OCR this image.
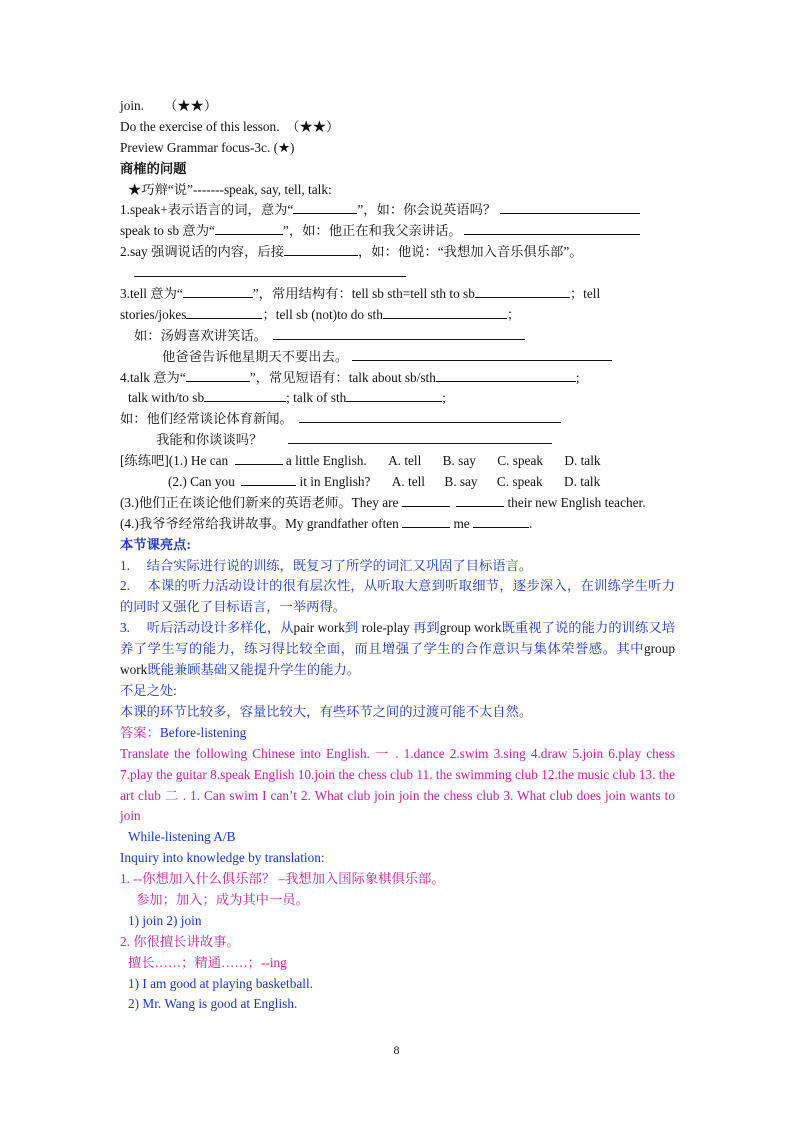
join.　　（★★）
Do the exercise of this lesson.　（★★）
Preview Grammar focus-3c. (★)
商榷的问题
★巧辩“说”-------speak, say, tell, talk:
1.speak+表示语言的词，意为“	”，如：你会说英语吗？
speak to sb 意为“	”，如：他正在和我父亲讲话。
2.say 强调说话的内容，后接	，如：他说：“我想加入音乐俱乐部”。
3.tell 意为“	”，常用结构有：tell sb sth=tell sth to sb	；tell
stories/jokes	；tell sb (not)to do sth	；
如：汤姆喜欢讲笑话。
他爸爸告诉他星期天不要出去。
4.talk 意为“	”，常见短语有：talk about sb/sth	;
talk with/to sb	; talk of sth	;
如：他们经常谈论体育新闻。
我能和你谈谈吗？
[练练吧](1.) He can	a little English. A. tell B. say C. speak D. talk
(2.) Can you	it in English? A. tell B. say C. speak D. talk
(3.)他们正在谈论他们新来的英语老师。They are	their new English teacher.
(4.)我爷爷经常给我讲故事。My grandfather often	me	.
本节课亮点:
1.　 结合实际进行说的训练，既复习了所学的词汇又巩固了目标语言。
2.　 本课的听力活动设计的很有层次性，从听取大意到听取细节，逐步深入，在训练学生听力的同时又强化了目标语言，一举两得。
3.　 听后活动设计多样化，从pair work到 role-play 再到group work既重视了说的能力的训练又培养了学生写的能力，练习得比较全面，而且增强了学生的合作意识与集体荣誉感。其中group work既能兼顾基础又能提升学生的能力。
不足之处:
本课的环节比较多，容量比较大，有些环节之间的过渡可能不太自然。
答案：Before-listening
Translate the following Chinese into English. 一 . 1.dance 2.swim 3.sing 4.draw 5.join 6.play chess 7.play the guitar 8.speak English 10.join the chess club 11. the swimming club 12.the music club 13. the art club 二 . 1. Can swim I can’t 2. What club join join the chess club 3. What club does join wants to join
While-listening A/B
Inquiry into knowledge by translation:
1. --你想加入什么俱乐部？ –我想加入国际象棋俱乐部。
参加；加入；成为其中一员。
1) join 2) join
2. 你很擅长讲故事。
擅长……；精通……；--ing
1) I am good at playing basketball.
2) Mr. Wang is good at English.
8
